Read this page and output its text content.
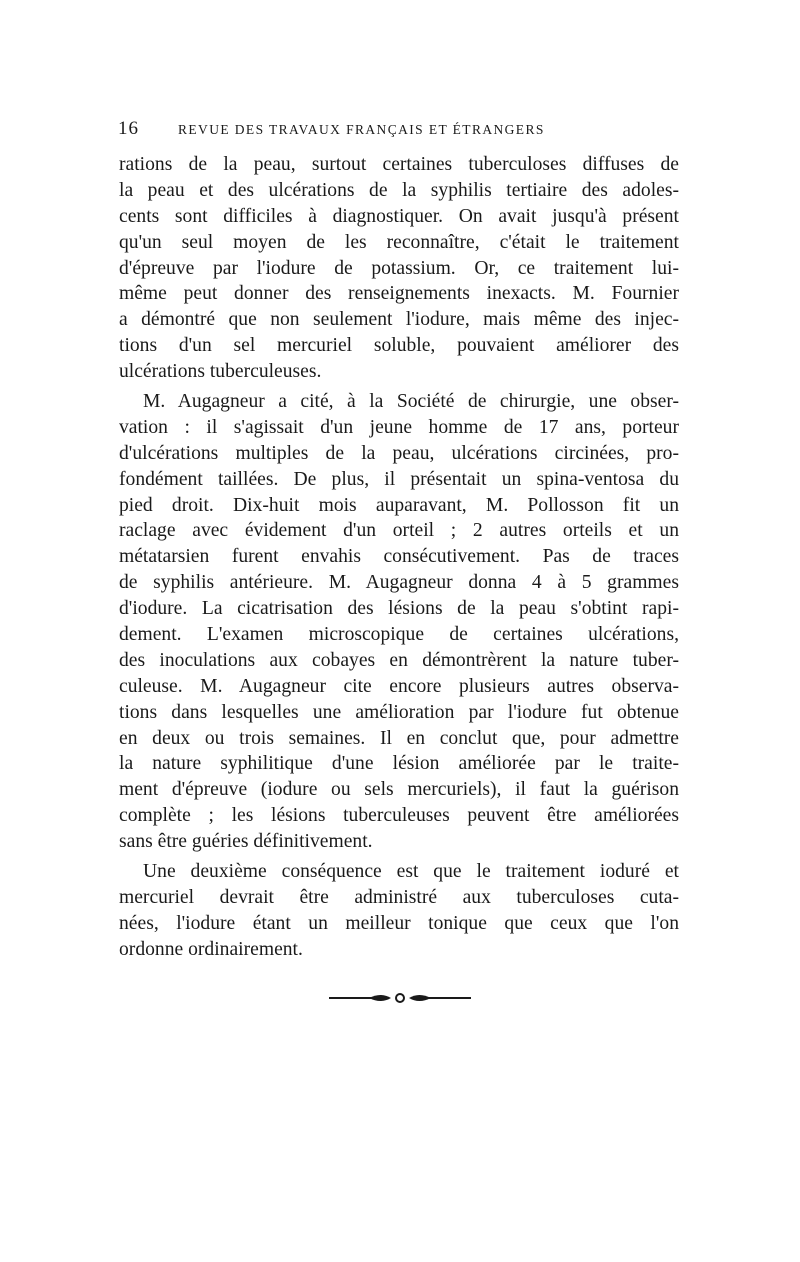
16	REVUE DES TRAVAUX FRANÇAIS ET ÉTRANGERS
rations de la peau, surtout certaines tuberculoses diffuses de
la peau et des ulcérations de la syphilis tertiaire des adoles-
cents sont difficiles à diagnostiquer. On avait jusqu'à présent
qu'un seul moyen de les reconnaître, c'était le traitement
d'épreuve par l'iodure de potassium. Or, ce traitement lui-
même peut donner des renseignements inexacts. M. Fournier
a démontré que non seulement l'iodure, mais même des injec-
tions d'un sel mercuriel soluble, pouvaient améliorer des
ulcérations tuberculeuses.
M. Augagneur a cité, à la Société de chirurgie, une obser-
vation : il s'agissait d'un jeune homme de 17 ans, porteur
d'ulcérations multiples de la peau, ulcérations circinées, pro-
fondément taillées. De plus, il présentait un spina-ventosa du
pied droit. Dix-huit mois auparavant, M. Pollosson fit un
raclage avec évidement d'un orteil ; 2 autres orteils et un
métatarsien furent envahis consécutivement. Pas de traces
de syphilis antérieure. M. Augagneur donna 4 à 5 grammes
d'iodure. La cicatrisation des lésions de la peau s'obtint rapi-
dement. L'examen microscopique de certaines ulcérations,
des inoculations aux cobayes en démontrèrent la nature tuber-
culeuse. M. Augagneur cite encore plusieurs autres observa-
tions dans lesquelles une amélioration par l'iodure fut obtenue
en deux ou trois semaines. Il en conclut que, pour admettre
la nature syphilitique d'une lésion améliorée par le traite-
ment d'épreuve (iodure ou sels mercuriels), il faut la guérison
complète ; les lésions tuberculeuses peuvent être améliorées
sans être guéries définitivement.
Une deuxième conséquence est que le traitement ioduré et
mercuriel devrait être administré aux tuberculoses cuta-
nées, l'iodure étant un meilleur tonique que ceux que l'on
ordonne ordinairement.
